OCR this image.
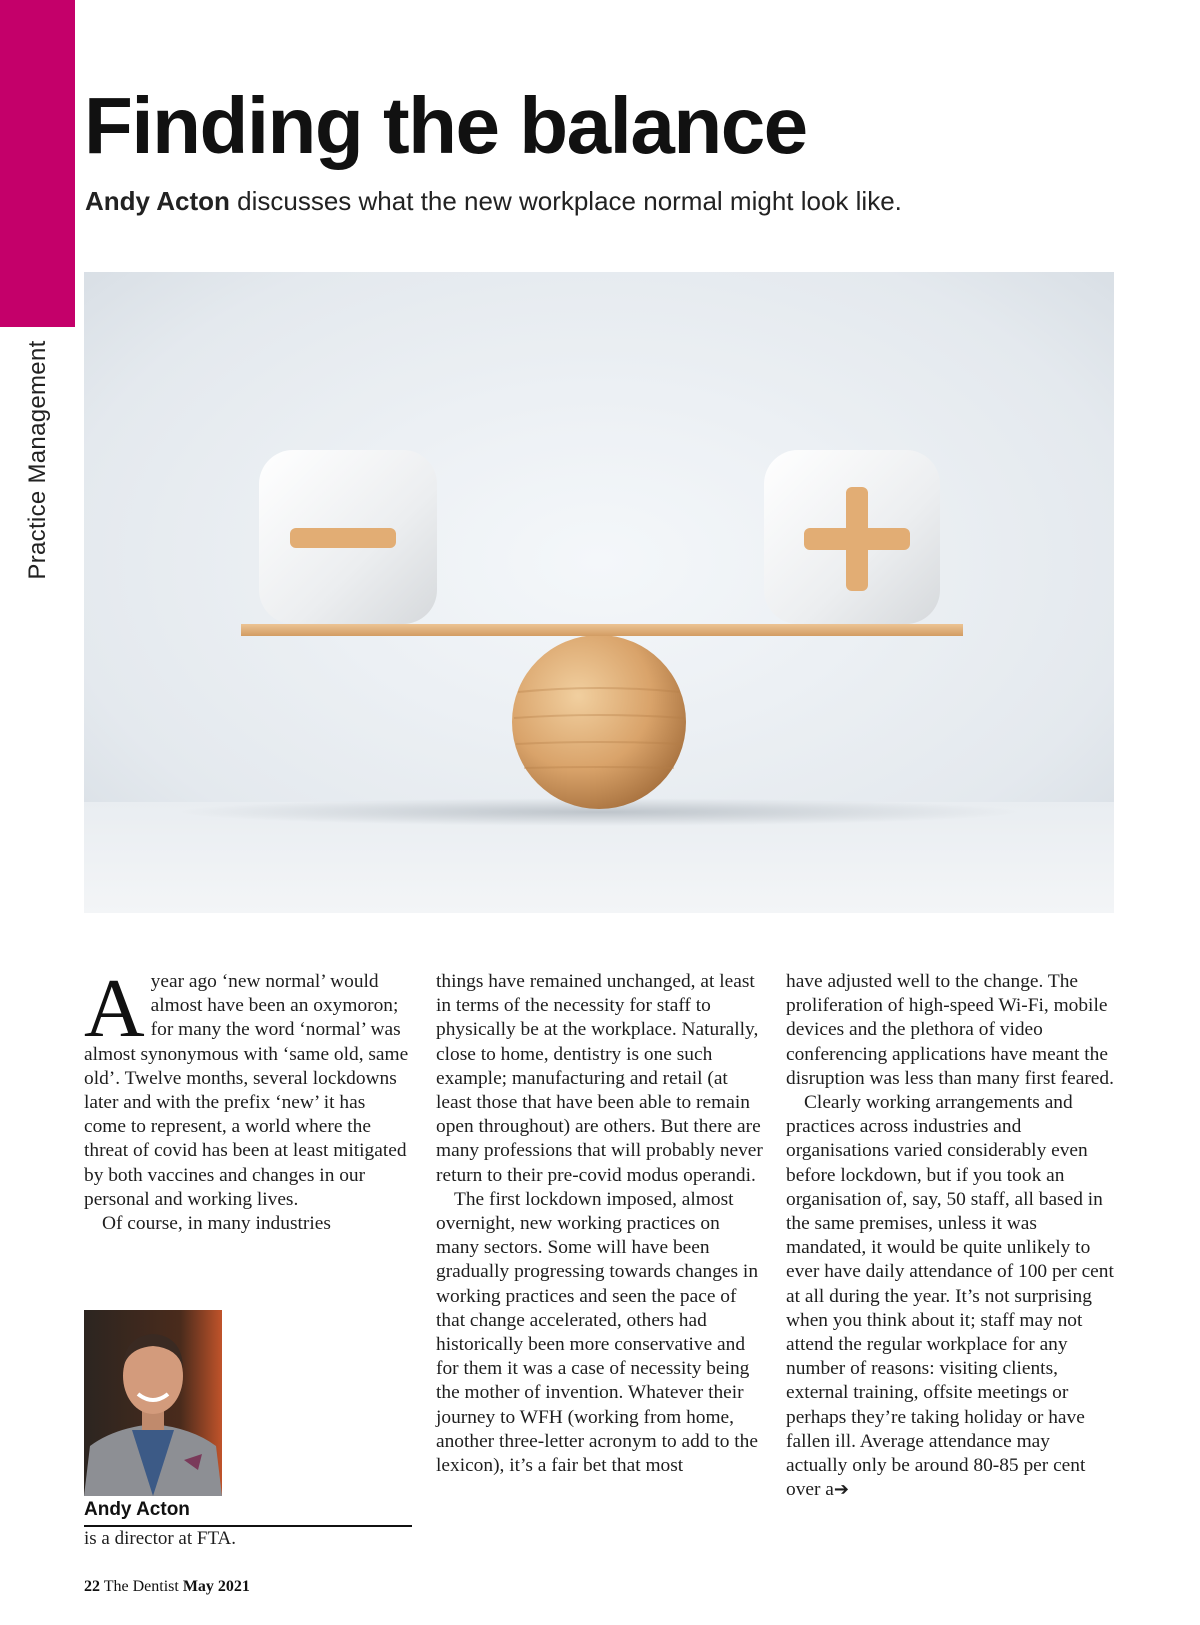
Practice Management
Finding the balance

Andy Acton discusses what the new workplace normal might look like.

Ayear ago ‘new normal’ would almost have been an oxymoron; for many the word ‘normal’ was almost synonymous with ‘same old, same old’. Twelve months, several lockdowns later and with the prefix ‘new’ it has come to represent, a world where the threat of covid has been at least mitigated by both vaccines and changes in our personal and working lives.

Of course, in many industries

things have remained unchanged, at least in terms of the necessity for staff to physically be at the workplace. Naturally, close to home, dentistry is one such example; manufacturing and retail (at least those that have been able to remain open throughout) are others. But there are many professions that will probably never return to their pre-covid modus operandi.

The first lockdown imposed, almost overnight, new working practices on many sectors. Some will have been gradually progressing towards changes in working practices and seen the pace of that change accelerated, others had historically been more conservative and for them it was a case of necessity being the mother of invention. Whatever their journey to WFH (working from home, another three-letter acronym to add to the lexicon), it’s a fair bet that most

have adjusted well to the change. The proliferation of high-speed Wi-Fi, mobile devices and the plethora of video conferencing applications have meant the disruption was less than many first feared.

Clearly working arrangements and practices across industries and organisations varied considerably even before lockdown, but if you took an organisation of, say, 50 staff, all based in the same premises, unless it was mandated, it would be quite unlikely to ever have daily attendance of 100 per cent at all during the year. It’s not surprising when you think about it; staff may not attend the regular workplace for any number of reasons: visiting clients, external training, offsite meetings or perhaps they’re taking holiday or have fallen ill. Average attendance may actually only be around 80-85 per cent over a➔

Andy Acton
is a director at FTA.
22 The Dentist May 2021
